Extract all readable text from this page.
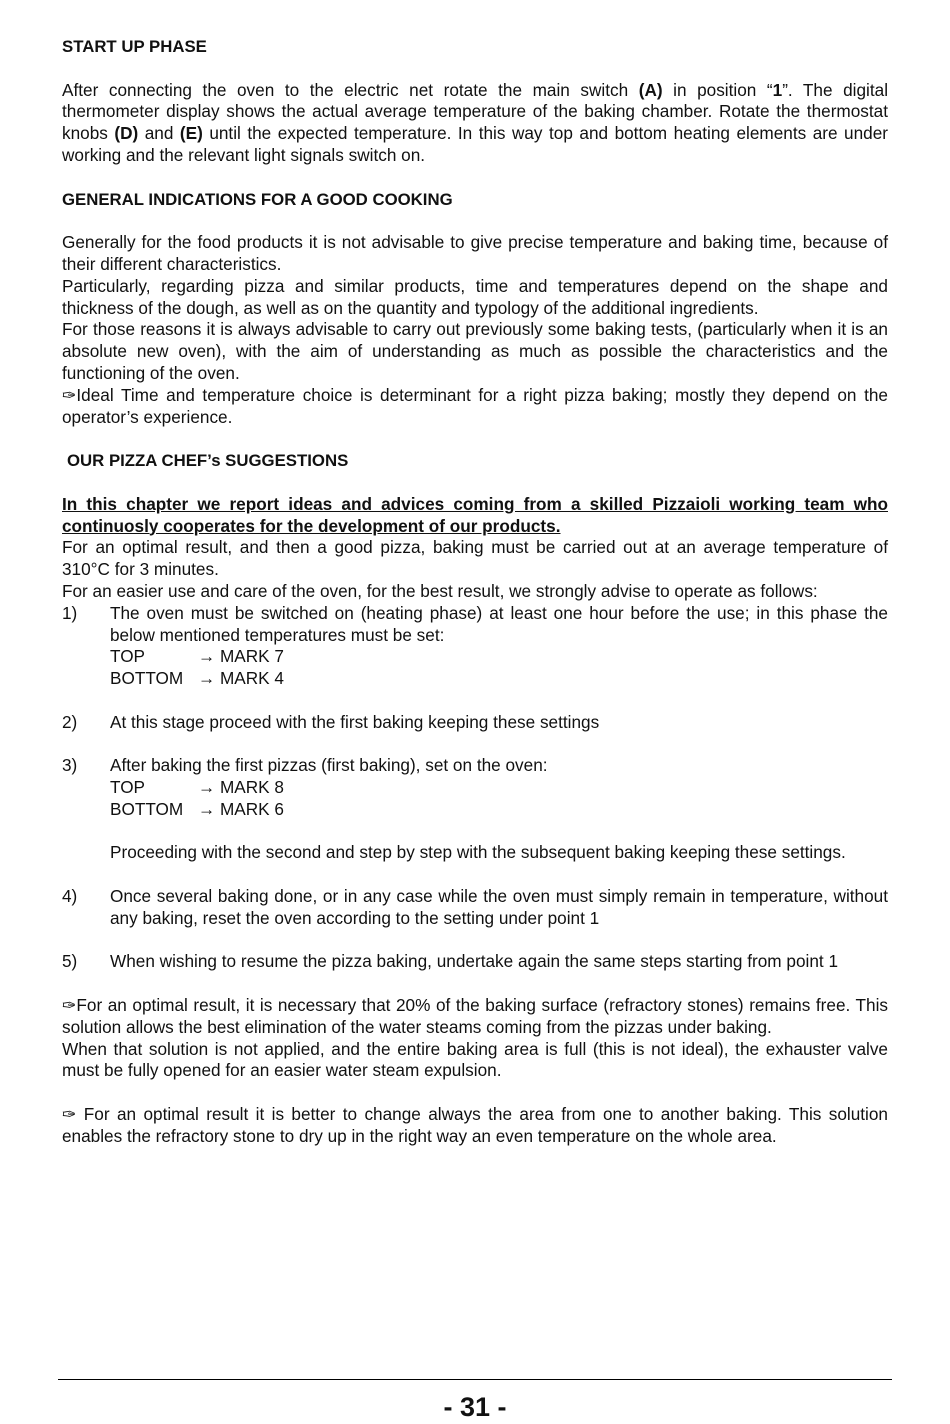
START UP PHASE

After connecting the oven to the electric net rotate the main switch (A) in position “1”. The digital thermometer display shows the actual average temperature of the baking chamber. Rotate the thermostat knobs (D) and (E) until the expected temperature. In this way top and bottom heating elements are under working and the relevant light signals switch on.

GENERAL INDICATIONS FOR A GOOD COOKING

Generally for the food products it is not advisable to give precise temperature and baking time, because of their different characteristics.

Particularly, regarding pizza and similar products, time and temperatures depend on the shape and thickness of the dough, as well as on the quantity and typology of the additional ingredients.

For those reasons it is always advisable to carry out previously some baking tests, (particularly when it is an absolute new oven), with the aim of understanding as much as possible the characteristics and the functioning of the oven.

✑Ideal Time and temperature choice is determinant for a right pizza baking; mostly they depend on the operator’s experience.

OUR PIZZA CHEF’s SUGGESTIONS

In this chapter we report ideas and advices coming from a skilled Pizzaioli working team who continuosly cooperates for the development of our products.

For an optimal result, and then a good pizza, baking must be carried out at an average temperature of 310°C for 3 minutes.

For an easier use and care of the oven, for the best result, we strongly advise to operate as follows:

1)	The oven must be switched on (heating phase) at least one hour before the use; in this phase the below mentioned temperatures must be set:
TOP	→ MARK 7
BOTTOM → MARK 4
2)	At this stage proceed with the first baking keeping these settings
3)	After baking the first pizzas (first baking), set on the oven:
TOP	→ MARK 8
BOTTOM → MARK 6
Proceeding with the second and step by step with the subsequent baking keeping these settings.
4)	Once several baking done, or in any case while the oven must simply remain in temperature, without any baking, reset the oven according to the setting under point 1
5)	When wishing to resume the pizza baking, undertake again the same steps starting from point 1

✑For an optimal result, it is necessary that 20% of the baking surface (refractory stones) remains free. This solution allows the best elimination of the water steams coming from the pizzas under baking.

When that solution is not applied, and the entire baking area is full (this is not ideal), the exhauster valve must be fully opened for an easier water steam expulsion.

✑ For an optimal result it is better to change always the area from one to another baking. This solution enables the refractory stone to dry up in the right way an even temperature on the whole area.

- 31 -
